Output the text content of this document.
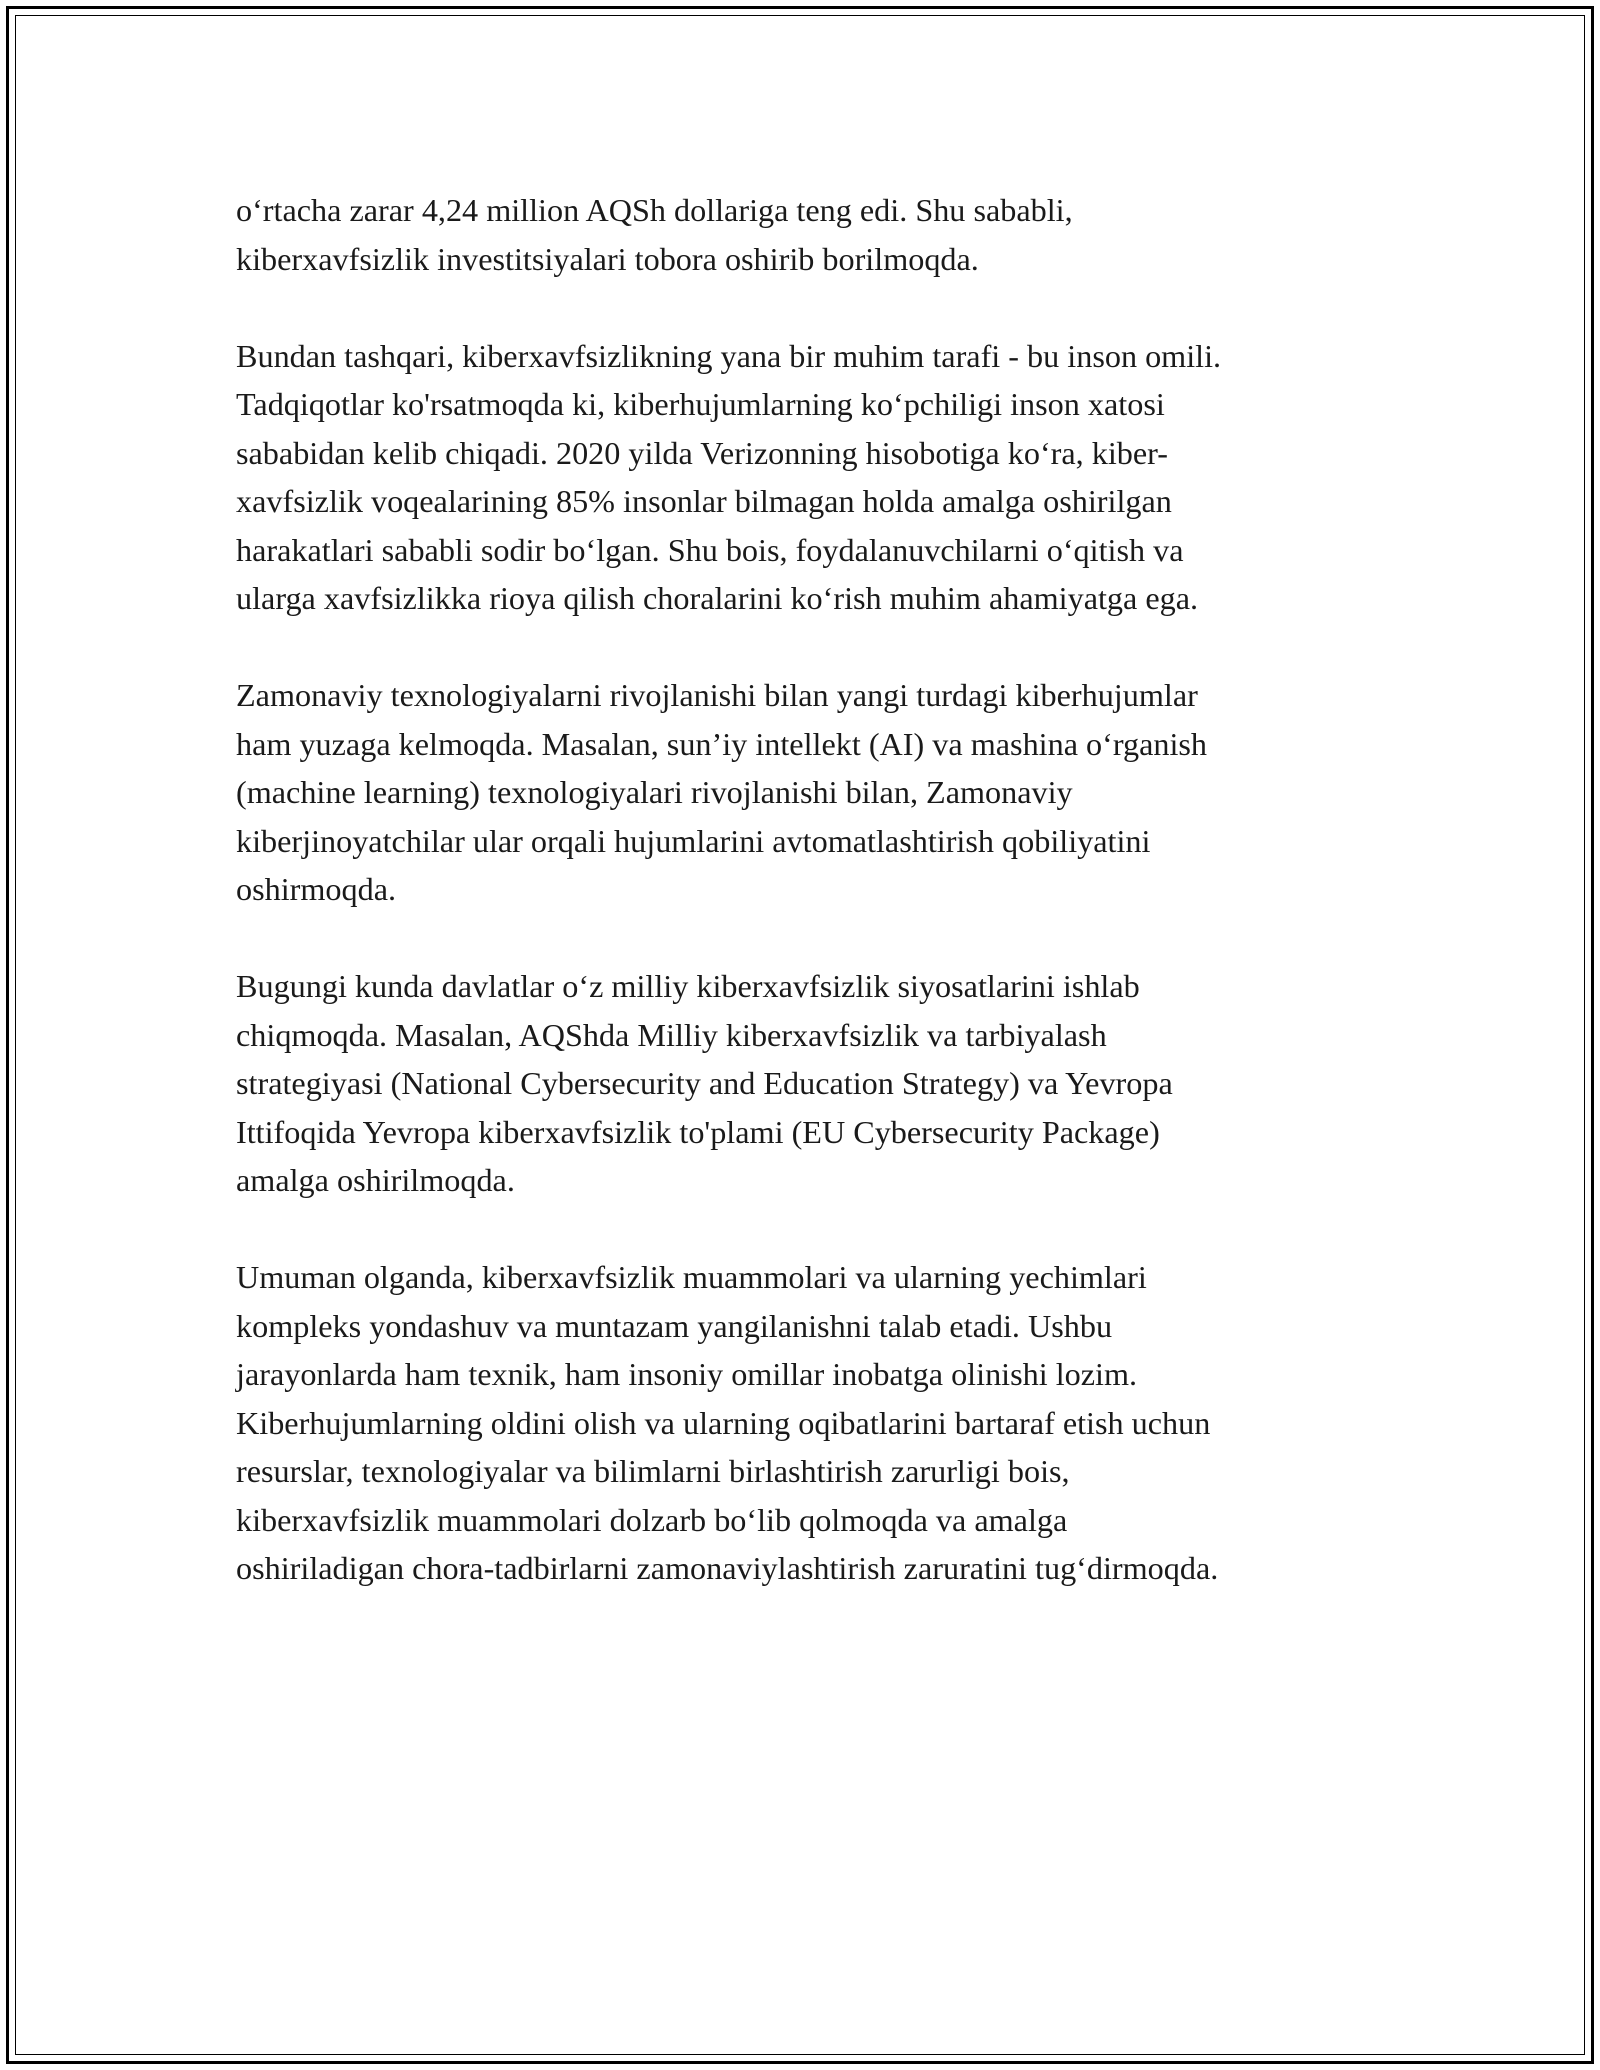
o‘rtacha zarar 4,24 million AQSh dollariga teng edi. Shu sababli,
kiberxavfsizlik investitsiyalari tobora oshirib borilmoqda.

Bundan tashqari, kiberxavfsizlikning yana bir muhim tarafi - bu inson omili.
Tadqiqotlar ko'rsatmoqda ki, kiberhujumlarning ko‘pchiligi inson xatosi
sababidan kelib chiqadi. 2020 yilda Verizonning hisobotiga ko‘ra, kiber-
xavfsizlik voqealarining 85% insonlar bilmagan holda amalga oshirilgan
harakatlari sababli sodir bo‘lgan. Shu bois, foydalanuvchilarni o‘qitish va
ularga xavfsizlikka rioya qilish choralarini ko‘rish muhim ahamiyatga ega.

Zamonaviy texnologiyalarni rivojlanishi bilan yangi turdagi kiberhujumlar
ham yuzaga kelmoqda. Masalan, sun’iy intellekt (AI) va mashina o‘rganish
(machine learning) texnologiyalari rivojlanishi bilan, Zamonaviy
kiberjinoyatchilar ular orqali hujumlarini avtomatlashtirish qobiliyatini
oshirmoqda.

Bugungi kunda davlatlar o‘z milliy kiberxavfsizlik siyosatlarini ishlab
chiqmoqda. Masalan, AQShda Milliy kiberxavfsizlik va tarbiyalash
strategiyasi (National Cybersecurity and Education Strategy) va Yevropa
Ittifoqida Yevropa kiberxavfsizlik to'plami (EU Cybersecurity Package)
amalga oshirilmoqda.

Umuman olganda, kiberxavfsizlik muammolari va ularning yechimlari
kompleks yondashuv va muntazam yangilanishni talab etadi. Ushbu
jarayonlarda ham texnik, ham insoniy omillar inobatga olinishi lozim.
Kiberhujumlarning oldini olish va ularning oqibatlarini bartaraf etish uchun
resurslar, texnologiyalar va bilimlarni birlashtirish zarurligi bois,
kiberxavfsizlik muammolari dolzarb bo‘lib qolmoqda va amalga
oshiriladigan chora-tadbirlarni zamonaviylashtirish zaruratini tug‘dirmoqda.
